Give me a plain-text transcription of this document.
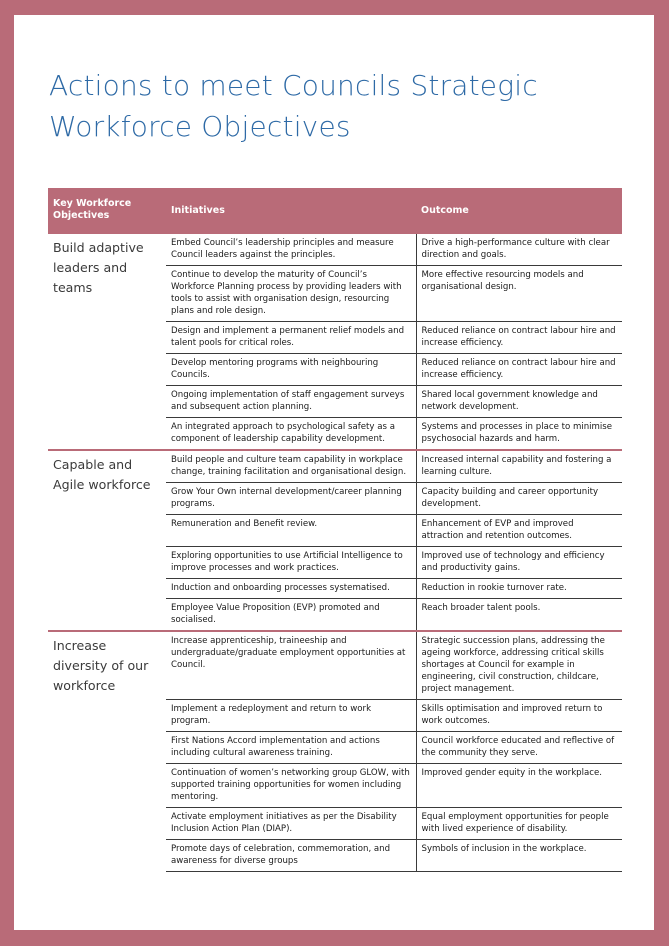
Actions to meet Councils Strategic Workforce Objectives
Key Workforce Objectives	Initiatives	Outcome
Build adaptive leaders and teams	Embed Council’s leadership principles and measure Council leaders against the principles.	Drive a high-performance culture with clear direction and goals.
	Continue to develop the maturity of Council’s Workforce Planning process by providing leaders with tools to assist with organisation design, resourcing plans and role design.	More effective resourcing models and organisational design.
	Design and implement a permanent relief models and talent pools for critical roles.	Reduced reliance on contract labour hire and increase efficiency.
	Develop mentoring programs with neighbouring Councils.	Reduced reliance on contract labour hire and increase efficiency.
	Ongoing implementation of staff engagement surveys and subsequent action planning.	Shared local government knowledge and network development.
	An integrated approach to psychological safety as a component of leadership capability development.	Systems and processes in place to minimise psychosocial hazards and harm.
Capable and Agile workforce	Build people and culture team capability in workplace change, training facilitation and organisational design.	Increased internal capability and fostering a learning culture.
	Grow Your Own internal development/career planning programs.	Capacity building and career opportunity development.
	Remuneration and Benefit review.	Enhancement of EVP and improved attraction and retention outcomes.
	Exploring opportunities to use Artificial Intelligence to improve processes and work practices.	Improved use of technology and efficiency and productivity gains.
	Induction and onboarding processes systematised.	Reduction in rookie turnover rate.
	Employee Value Proposition (EVP) promoted and socialised.	Reach broader talent pools.
Increase diversity of our workforce	Increase apprenticeship, traineeship and undergraduate/graduate employment opportunities at Council.	Strategic succession plans, addressing the ageing workforce, addressing critical skills shortages at Council for example in engineering, civil construction, childcare, project management.
	Implement a redeployment and return to work program.	Skills optimisation and improved return to work outcomes.
	First Nations Accord implementation and actions including cultural awareness training.	Council workforce educated and reflective of the community they serve.
	Continuation of women’s networking group GLOW, with supported training opportunities for women including mentoring.	Improved gender equity in the workplace.
	Activate employment initiatives as per the Disability Inclusion Action Plan (DIAP).	Equal employment opportunities for people with lived experience of disability.
	Promote days of celebration, commemoration, and awareness for diverse groups	Symbols of inclusion in the workplace.
